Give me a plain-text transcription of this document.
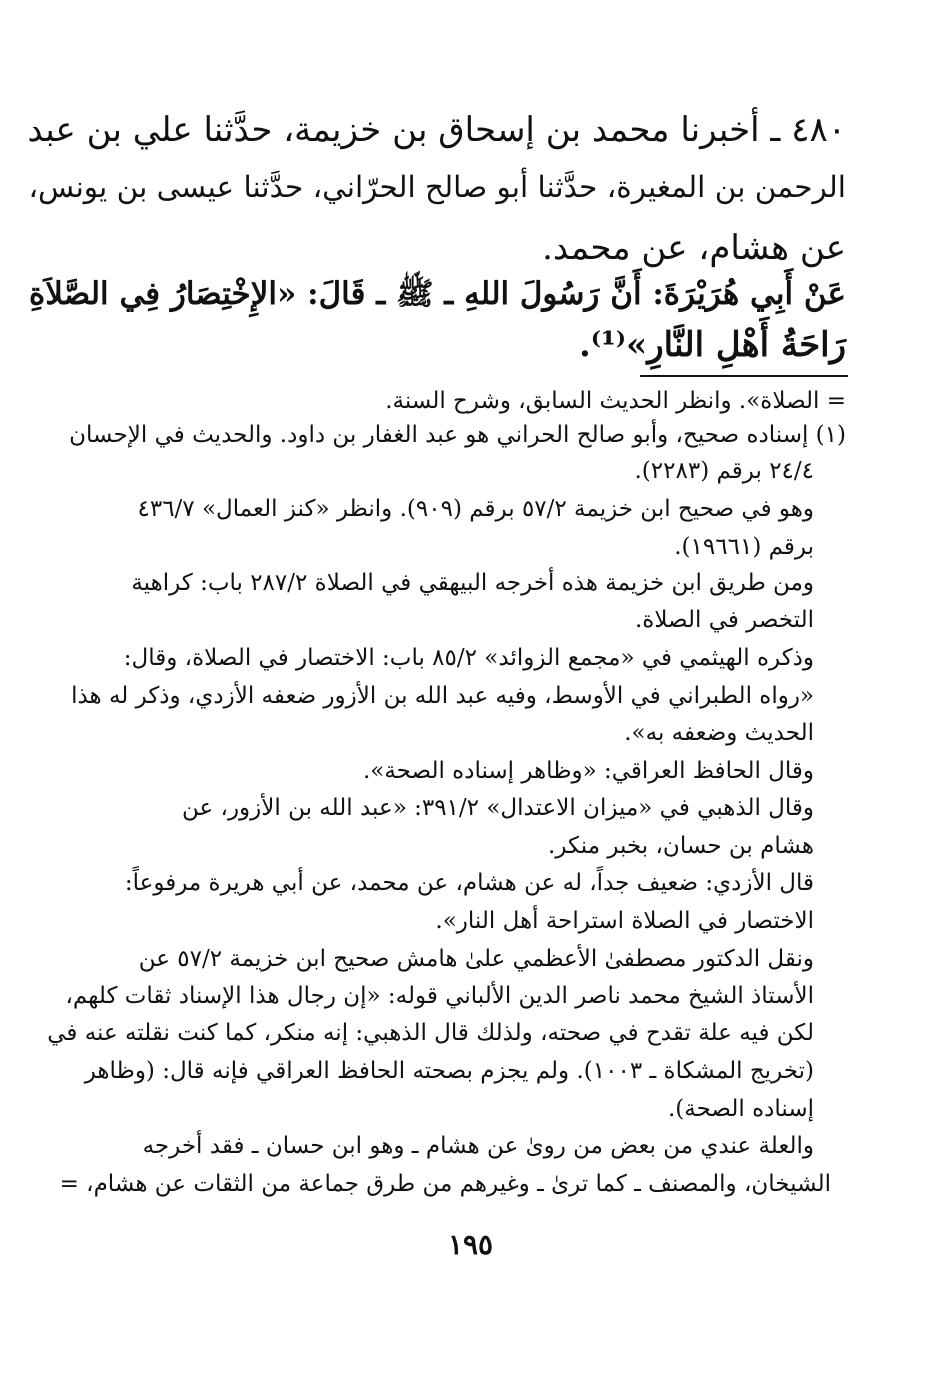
٤٨٠ ـ أخبرنا محمد بن إسحاق بن خزيمة، حدَّثنا علي بن عبد
الرحمن بن المغيرة، حدَّثنا أبو صالح الحرّاني، حدَّثنا عيسى بن يونس،
عن هشام، عن محمد.
عَنْ أَبِي هُرَيْرَةَ: أَنَّ رَسُولَ اللهِ ـ ﷺ ـ قَالَ: «الإِخْتِصَارُ فِي الصَّلاَةِ
رَاحَةُ أَهْلِ النَّارِ»⁽¹⁾.
= الصلاة». وانظر الحديث السابق، وشرح السنة.
(١) إسناده صحيح، وأبو صالح الحراني هو عبد الغفار بن داود. والحديث في الإحسان
٢٤/٤ برقم (٢٢٨٣).
وهو في صحيح ابن خزيمة ٥٧/٢ برقم (٩٠٩). وانظر «كنز العمال» ٤٣٦/٧
برقم (١٩٦٦١).
ومن طريق ابن خزيمة هذه أخرجه البيهقي في الصلاة ٢٨٧/٢ باب: كراهية
التخصر في الصلاة.
وذكره الهيثمي في «مجمع الزوائد» ٨٥/٢ باب: الاختصار في الصلاة، وقال:
«رواه الطبراني في الأوسط، وفيه عبد الله بن الأزور ضعفه الأزدي، وذكر له هذا
الحديث وضعفه به».
وقال الحافظ العراقي: «وظاهر إسناده الصحة».
وقال الذهبي في «ميزان الاعتدال» ٣٩١/٢: «عبد الله بن الأزور، عن
هشام بن حسان، بخبر منكر.
قال الأزدي: ضعيف جداً، له عن هشام، عن محمد، عن أبي هريرة مرفوعاً:
الاختصار في الصلاة استراحة أهل النار».
ونقل الدكتور مصطفىٰ الأعظمي علىٰ هامش صحيح ابن خزيمة ٥٧/٢ عن
الأستاذ الشيخ محمد ناصر الدين الألباني قوله: «إن رجال هذا الإسناد ثقات كلهم،
لكن فيه علة تقدح في صحته، ولذلك قال الذهبي: إنه منكر، كما كنت نقلته عنه في
(تخريج المشكاة ـ ١٠٠٣). ولم يجزم بصحته الحافظ العراقي فإنه قال: (وظاهر
إسناده الصحة).
والعلة عندي من بعض من روىٰ عن هشام ـ وهو ابن حسان ـ فقد أخرجه
الشيخان، والمصنف ـ كما ترىٰ ـ وغيرهم من طرق جماعة من الثقات عن هشام، =
١٩٥
